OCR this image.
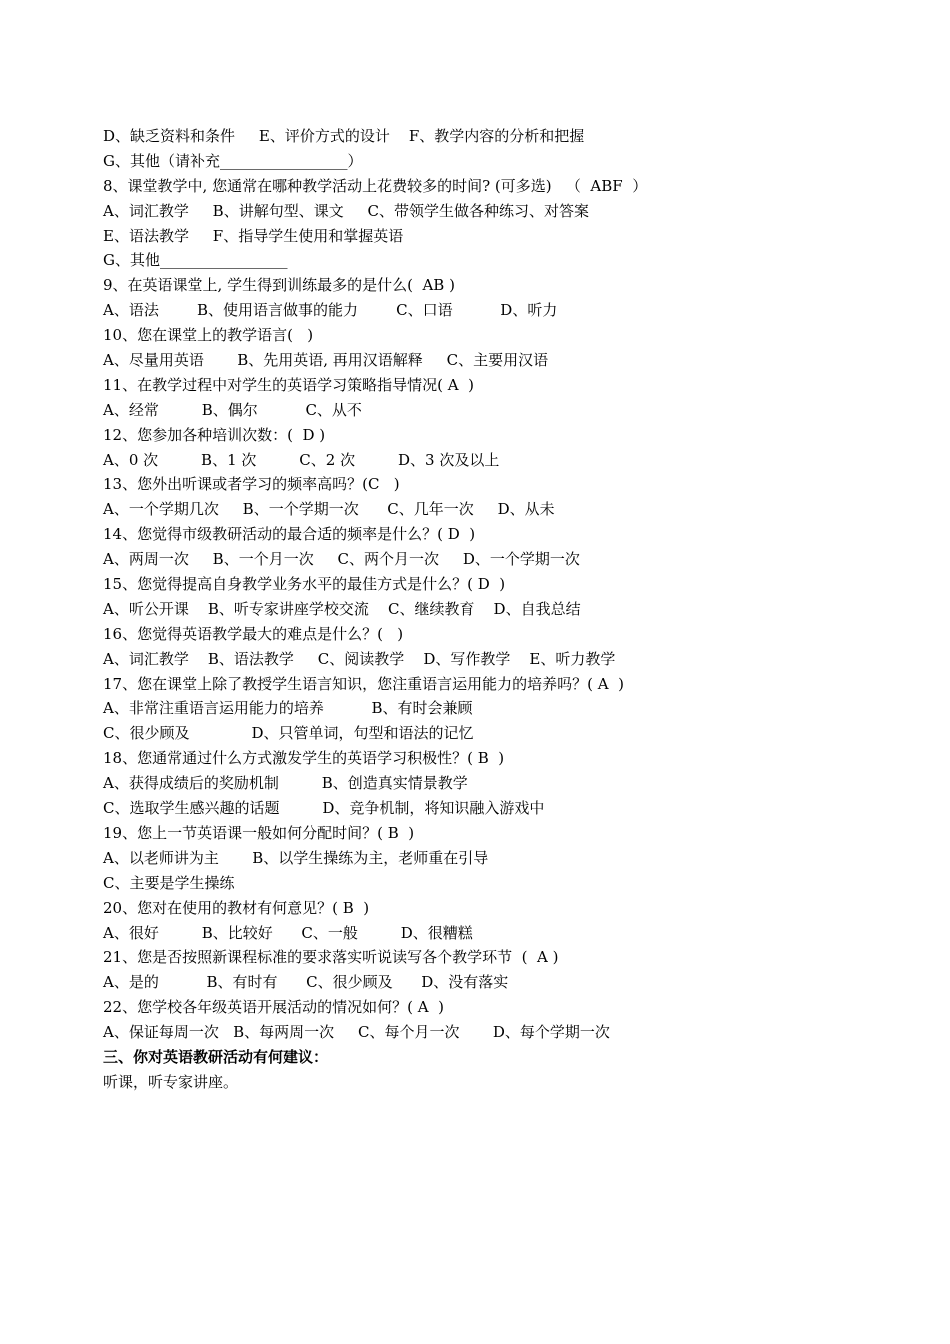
D、缺乏资料和条件     E、评价方式的设计    F、教学内容的分析和把握
G、其他（请补充_________________）
8、课堂教学中, 您通常在哪种教学活动上花费较多的时间? (可多选)   （  ABF  ）
A、词汇教学     B、讲解句型、课文     C、带领学生做各种练习、对答案
E、语法教学     F、指导学生使用和掌握英语
G、其他_________________
9、在英语课堂上, 学生得到训练最多的是什么(  AB )
A、语法        B、使用语言做事的能力        C、口语          D、听力
10、您在课堂上的教学语言(   )
A、尽量用英语       B、先用英语, 再用汉语解释     C、主要用汉语
11、在教学过程中对学生的英语学习策略指导情况( A  )
A、经常         B、偶尔          C、从不
12、您参加各种培训次数：(  D )
A、0 次         B、1 次         C、2 次         D、3 次及以上
13、您外出听课或者学习的频率高吗？(C   )
A、一个学期几次     B、一个学期一次      C、几年一次     D、从未
14、您觉得市级教研活动的最合适的频率是什么？( D  )
A、两周一次     B、一个月一次     C、两个月一次     D、一个学期一次
15、您觉得提高自身教学业务水平的最佳方式是什么？( D  )
A、听公开课    B、听专家讲座学校交流    C、继续教育    D、自我总结
16、您觉得英语教学最大的难点是什么？(   )
A、词汇教学    B、语法教学     C、阅读教学    D、写作教学    E、听力教学
17、您在课堂上除了教授学生语言知识，您注重语言运用能力的培养吗？( A  )
A、非常注重语言运用能力的培养          B、有时会兼顾
C、很少顾及             D、只管单词，句型和语法的记忆
18、您通常通过什么方式激发学生的英语学习积极性？( B  )
A、获得成绩后的奖励机制         B、创造真实情景教学
C、选取学生感兴趣的话题         D、竞争机制，将知识融入游戏中
19、您上一节英语课一般如何分配时间？( B  )
A、以老师讲为主       B、以学生操练为主，老师重在引导
C、主要是学生操练
20、您对在使用的教材有何意见？( B  )
A、很好         B、比较好      C、一般         D、很糟糕
21、您是否按照新课程标准的要求落实听说读写各个教学环节  (  A )
A、是的          B、有时有      C、很少顾及      D、没有落实
22、您学校各年级英语开展活动的情况如何？( A  )
A、保证每周一次   B、每两周一次     C、每个月一次       D、每个学期一次
三、你对英语教研活动有何建议：
听课，听专家讲座。
